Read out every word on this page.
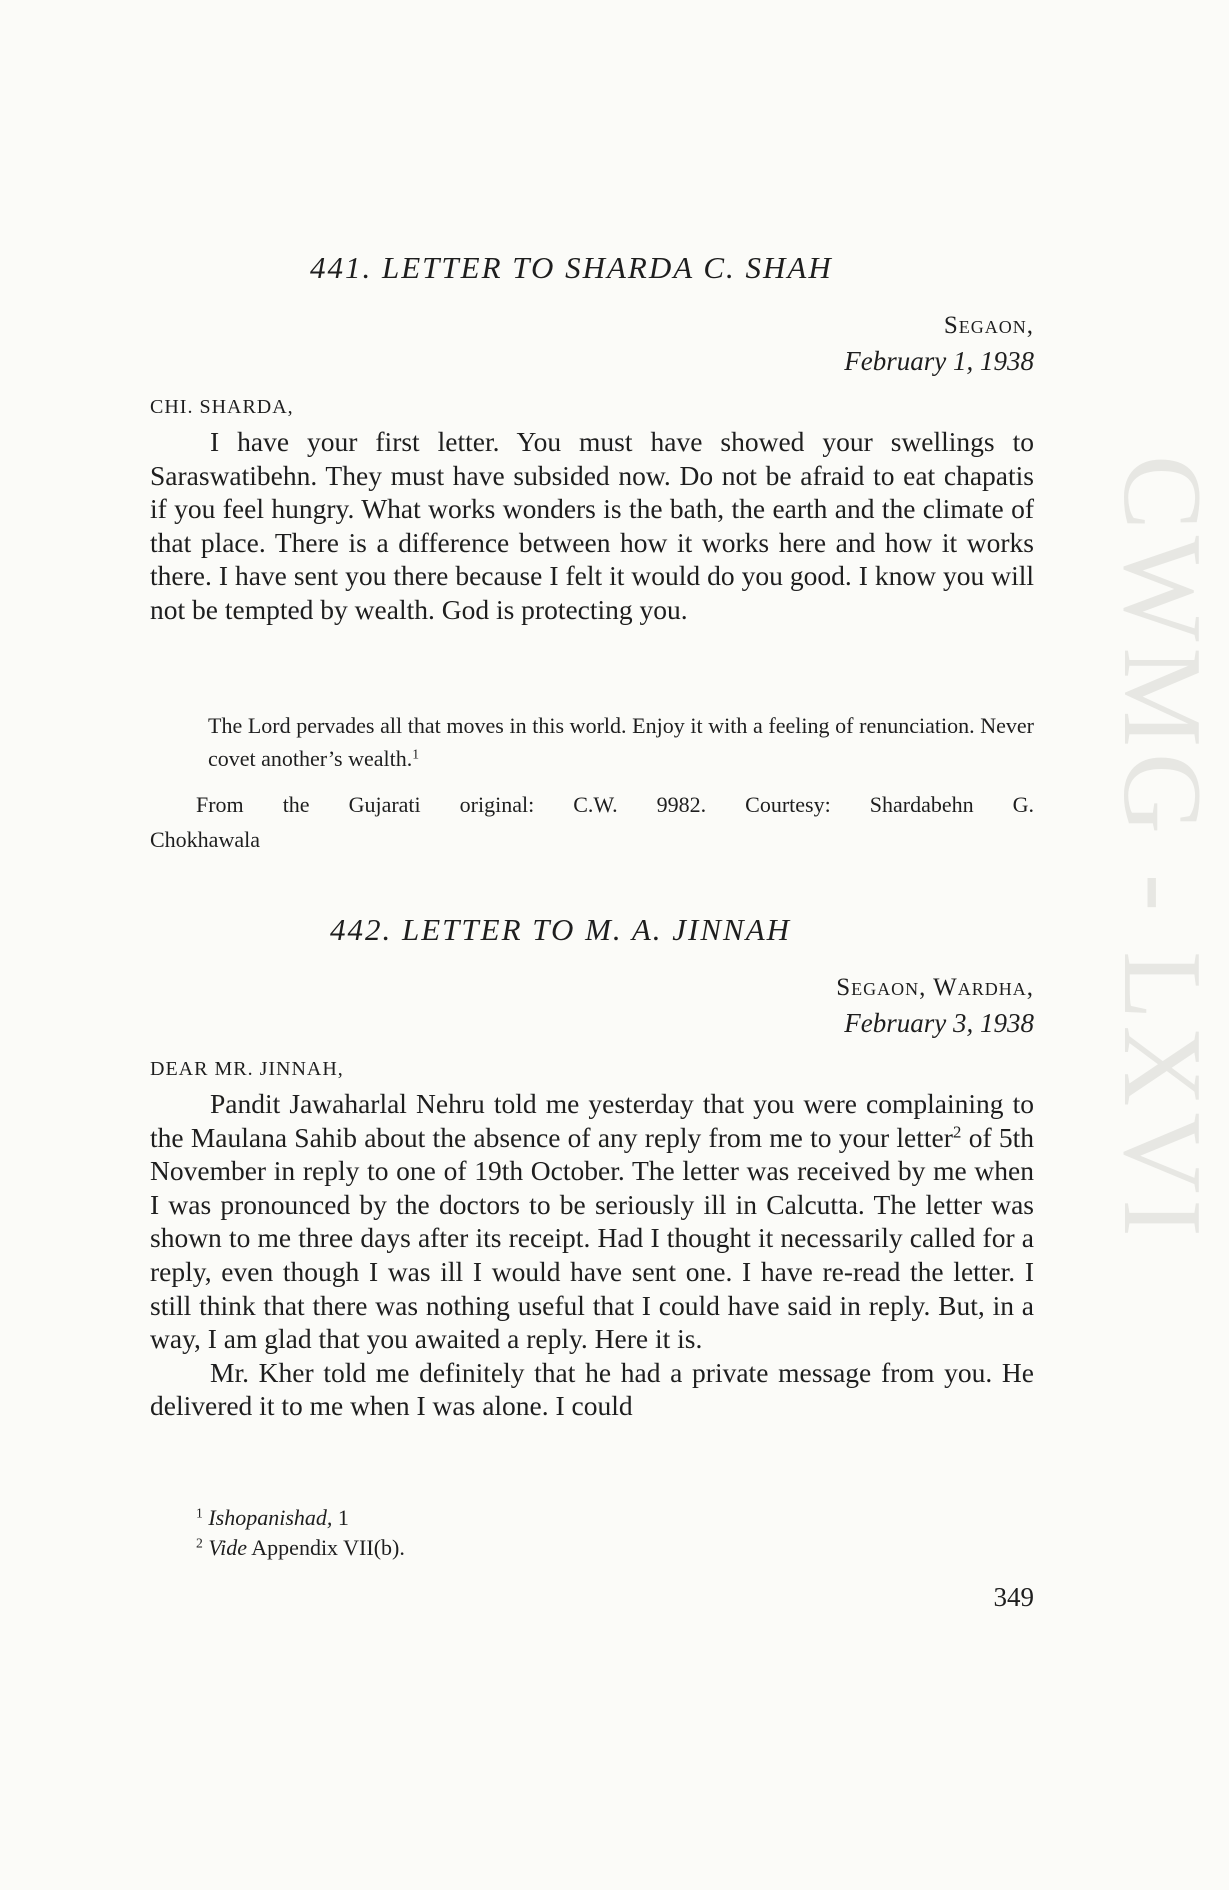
CWMG - LXVI
441. LETTER TO SHARDA C. SHAH
Segaon,
February 1, 1938
CHI. SHARDA,

I have your first letter. You must have showed your swellings to Saraswatibehn. They must have subsided now. Do not be afraid to eat chapatis if you feel hungry. What works wonders is the bath, the earth and the climate of that place. There is a difference between how it works here and how it works there. I have sent you there because I felt it would do you good. I know you will not be tempted by wealth. God is protecting you.

The Lord pervades all that moves in this world. Enjoy it with a feeling of renunciation. Never covet another’s wealth.$^1$
From the Gujarati original: C.W. 9982. Courtesy: Shardabehn G.
Chokhawala
442. LETTER TO M. A. JINNAH
Segaon, Wardha,
February 3, 1938
DEAR MR. JINNAH,

Pandit Jawaharlal Nehru told me yesterday that you were complaining to the Maulana Sahib about the absence of any reply from me to your letter$^2$ of 5th November in reply to one of 19th October. The letter was received by me when I was pronounced by the doctors to be seriously ill in Calcutta. The letter was shown to me three days after its receipt. Had I thought it necessarily called for a reply, even though I was ill I would have sent one. I have re-read the letter. I still think that there was nothing useful that I could have said in reply. But, in a way, I am glad that you awaited a reply. Here it is.

Mr. Kher told me definitely that he had a private message from you. He delivered it to me when I was alone. I could

$^1$ Ishopanishad, 1
$^2$ Vide Appendix VII(b).
349
